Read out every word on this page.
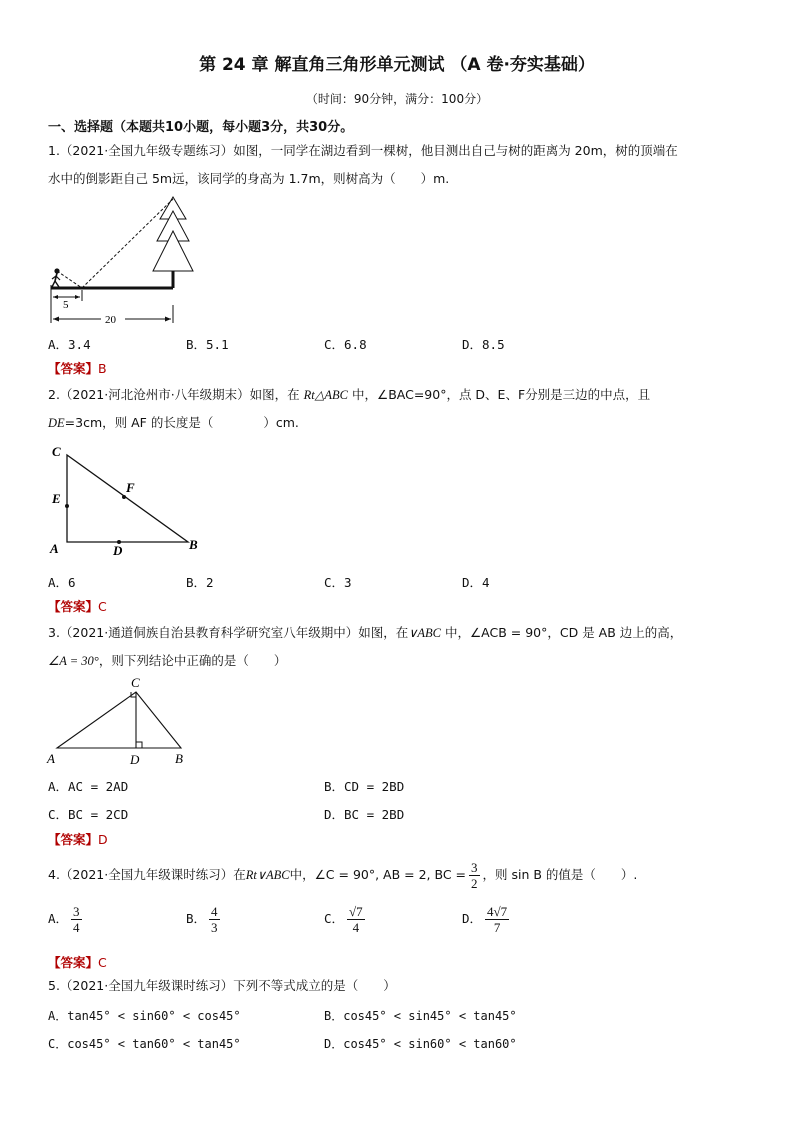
第 24 章 解直角三角形单元测试 （A 卷·夯实基础）
（时间：90分钟，满分：100分）
一、选择题（本题共10小题，每小题3分，共30分。
1.（2021·全国九年级专题练习）如图，一同学在湖边看到一棵树，他目测出自己与树的距离为 20m，树的顶端在
水中的倒影距自己 5m远，该同学的身高为 1.7m，则树高为（　　）m.
5
20
A．3.4	B．5.1	C．6.8	D．8.5
【答案】B
2.（2021·河北沧州市·八年级期末）如图，在 Rt△ABC 中，∠BAC=90°，点 D、E、F分别是三边的中点，且
DE=3cm，则 AF 的长度是（　　　　）cm.
C
E
F
A	D	B
A．6	B．2	C．3	D．4
【答案】C
3.（2021·通道侗族自治县教育科学研究室八年级期中）如图，在∨ABC 中，∠ACB = 90°，CD 是 AB 边上的高，
∠A = 30°，则下列结论中正确的是（　　）
C
A	D	B
A．AC = 2AD	B．CD = 2BD
C．BC = 2CD	D．BC = 2BD
【答案】D
4.（2021·全国九年级课时练习）在Rt∨ABC中，∠C = 90°, AB = 2, BC = $\frac{3}{2}$ ，则 sin B 的值是（　　）.
A． $\frac{3}{4}$	B． $\frac{4}{3}$	C． $\frac{√7}{4}$	D． $\frac{4√7}{7}$
【答案】C
5.（2021·全国九年级课时练习）下列不等式成立的是（　　）
A．tan45° < sin60° < cos45°	B．cos45° < sin45° < tan45°
C．cos45° < tan60° < tan45°	D．cos45° < sin60° < tan60°
